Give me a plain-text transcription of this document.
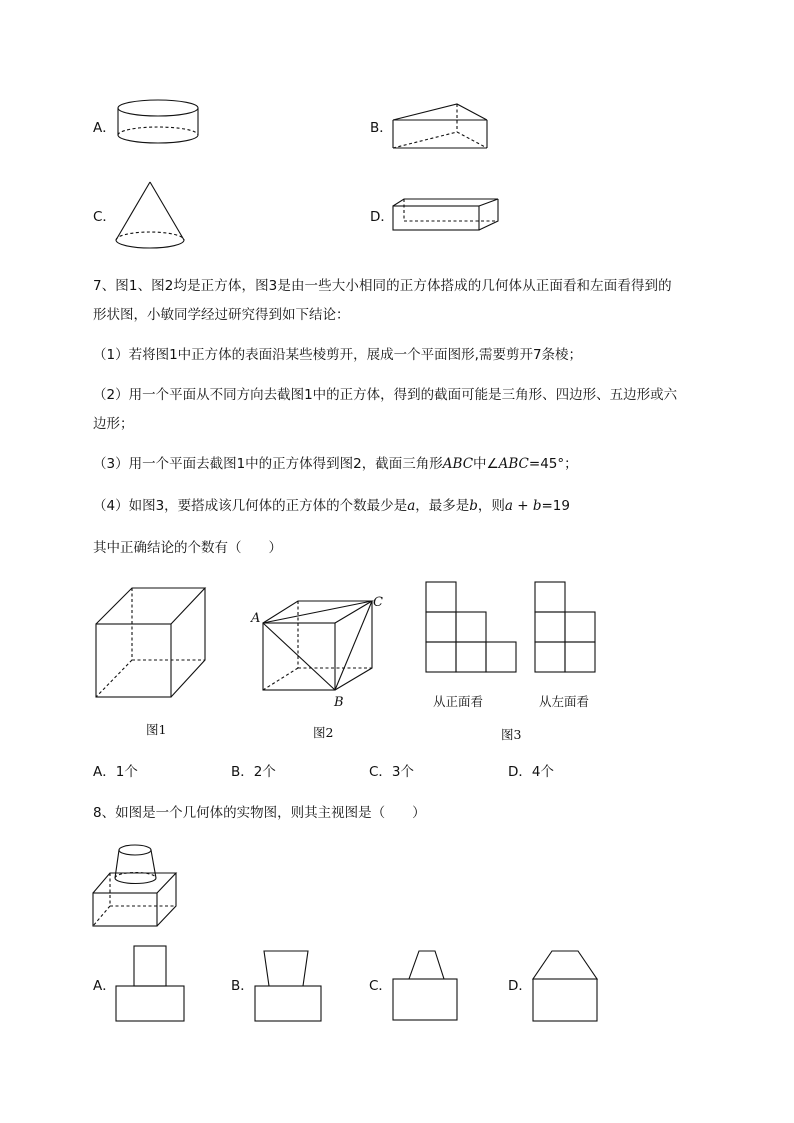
A．	B．
C．	D．
7、图1、图2均是正方体，图3是由一些大小相同的正方体搭成的几何体从正面看和左面看得到的
形状图，小敏同学经过研究得到如下结论：
（1）若将图1中正方体的表面沿某些棱剪开，展成一个平面图形,需要剪开7条棱；
（2）用一个平面从不同方向去截图1中的正方体，得到的截面可能是三角形、四边形、五边形或六
边形；
（3）用一个平面去截图1中的正方体得到图2，截面三角形ABC中∠ABC=45°；
（4）如图3，要搭成该几何体的正方体的个数最少是a，最多是b，则a + b=19
其中正确结论的个数有（　　）
图1
A
B
C
图2
从正面看	从左面看
图3
A．1个	B．2个	C．3个	D．4个
8、如图是一个几何体的实物图，则其主视图是（　　）
A．	B．	C．	D．
